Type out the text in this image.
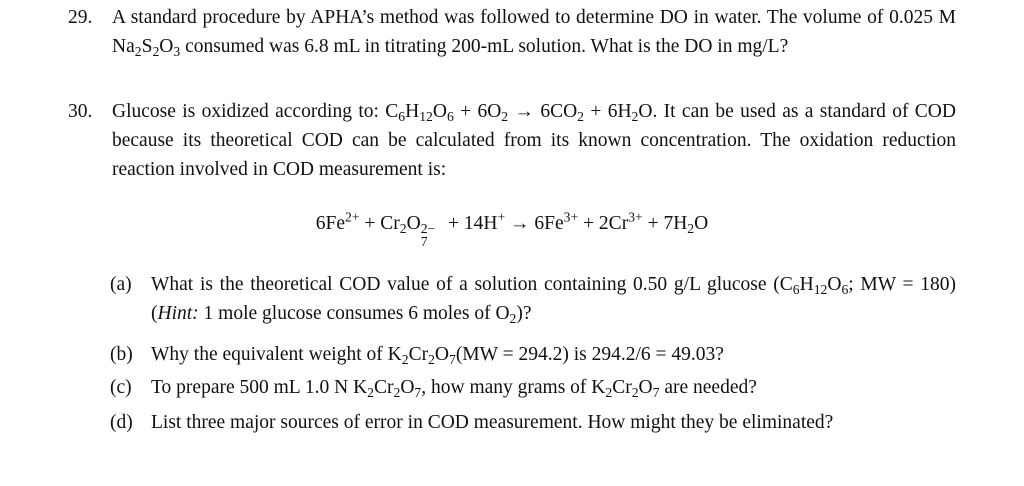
29. A standard procedure by APHA’s method was followed to determine DO in water. The volume of 0.025 M $Na_2S_2O_3$ consumed was 6.8 mL in titrating 200-mL solution. What is the DO in mg/L?
30. Glucose is oxidized according to: $C_6H_{12}O_6 + 6O_2 \to 6CO_2 + 6H_2O$. It can be used as a standard of COD because its theoretical COD can be calculated from its known concentration. The oxidation reduction reaction involved in COD measurement is:
$6Fe^{2+} + Cr_2O$ 2−
7
+ $14H^+ \to 6Fe^{3+} + 2Cr^{3+} + 7H_2O$
(a) What is the theoretical COD value of a solution containing 0.50 g/L glucose ($C_6H_{12}O_6$; MW = 180) (Hint: 1 mole glucose consumes 6 moles of $O_2$)?
(b) Why the equivalent weight of $K_2Cr_2O_7(MW = 294.2)$ is 294.2/6 = 49.03?
(c) To prepare 500 mL 1.0 N $K_2Cr_2O_7$, how many grams of $K_2Cr_2O_7$ are needed?
(d) List three major sources of error in COD measurement. How might they be eliminated?
